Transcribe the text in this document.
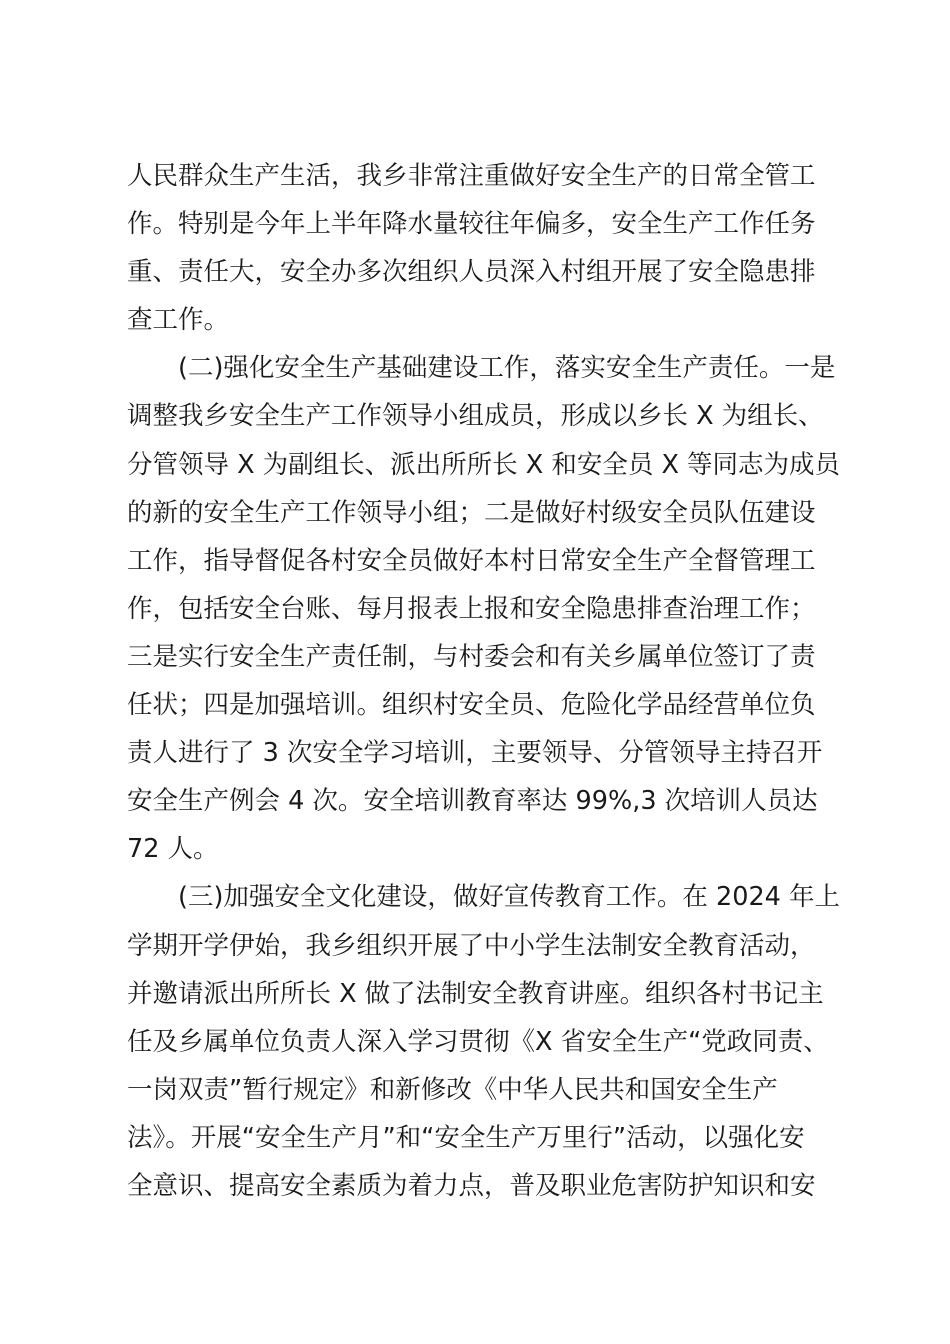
人民群众生产生活，我乡非常注重做好安全生产的日常全管工
作。特别是今年上半年降水量较往年偏多，安全生产工作任务
重、责任大，安全办多次组织人员深入村组开展了安全隐患排
查工作。
(二)强化安全生产基础建设工作，落实安全生产责任。一是
调整我乡安全生产工作领导小组成员，形成以乡长 X 为组长、
分管领导 X 为副组长、派出所所长 X 和安全员 X 等同志为成员
的新的安全生产工作领导小组；二是做好村级安全员队伍建设
工作，指导督促各村安全员做好本村日常安全生产全督管理工
作，包括安全台账、每月报表上报和安全隐患排查治理工作；
三是实行安全生产责任制，与村委会和有关乡属单位签订了责
任状；四是加强培训。组织村安全员、危险化学品经营单位负
责人进行了 3 次安全学习培训，主要领导、分管领导主持召开
安全生产例会 4 次。安全培训教育率达 99%,3 次培训人员达
72 人。
(三)加强安全文化建设，做好宣传教育工作。在 2024 年上
学期开学伊始，我乡组织开展了中小学生法制安全教育活动，
并邀请派出所所长 X 做了法制安全教育讲座。组织各村书记主
任及乡属单位负责人深入学习贯彻《X 省安全生产“党政同责、
一岗双责”暂行规定》和新修改《中华人民共和国安全生产
法》。开展“安全生产月”和“安全生产万里行”活动，以强化安
全意识、提高安全素质为着力点，普及职业危害防护知识和安
